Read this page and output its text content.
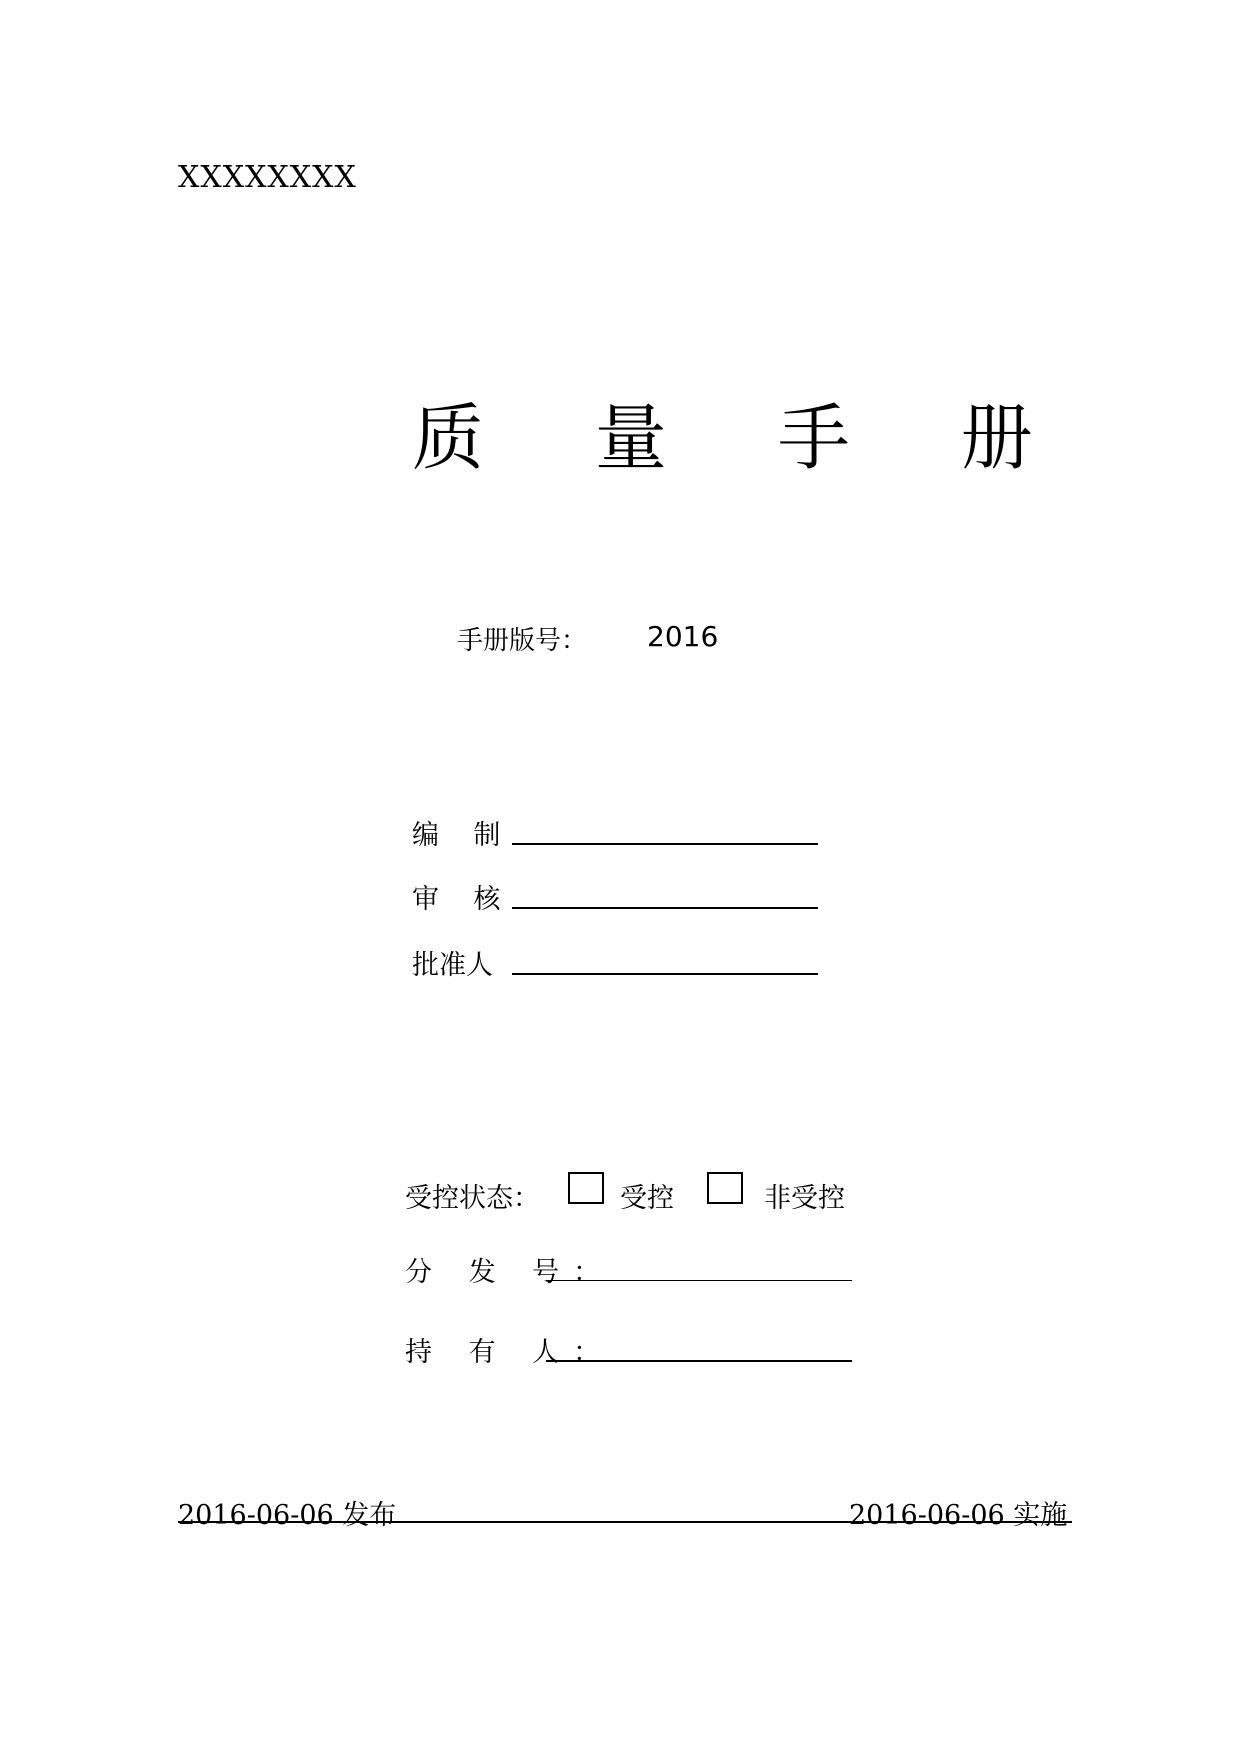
XXXXXXXX
质 量 手 册
手册版号： 2016
编    制
审    核
批准人
受控状态：	受控	非受控
分 发 号：
持 有 人：
2016-06-06 发布	2016-06-06 实施
